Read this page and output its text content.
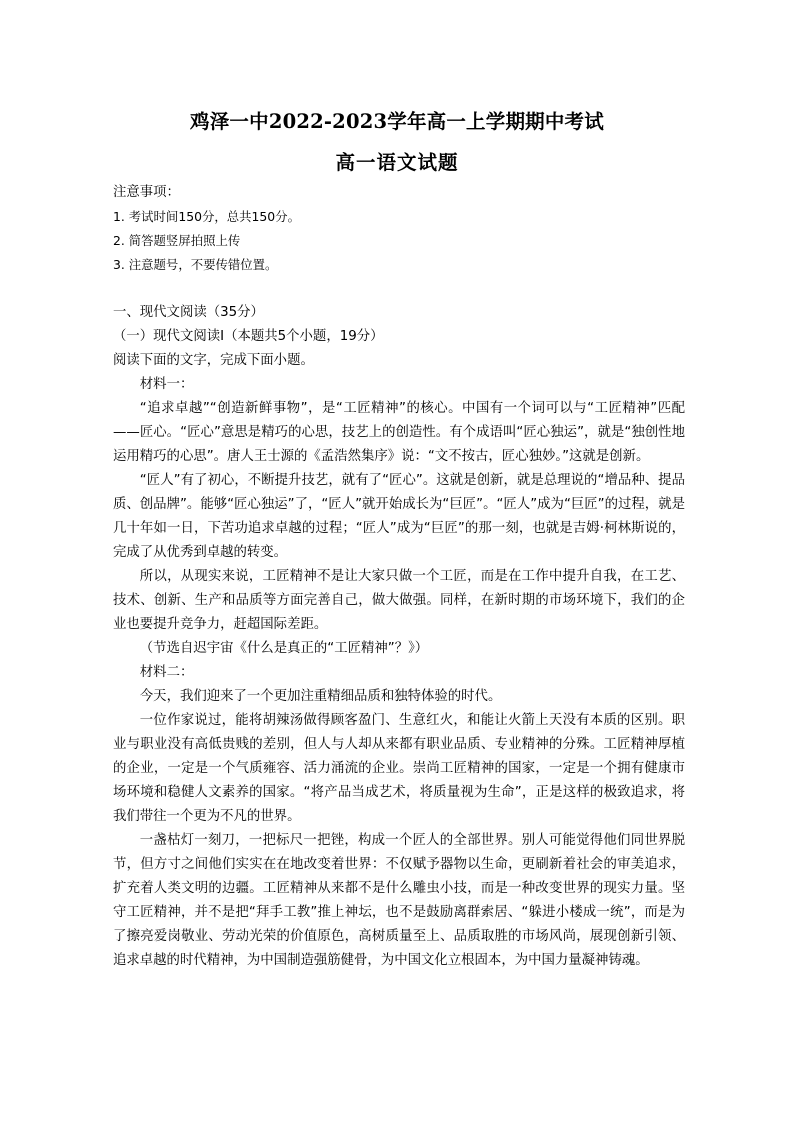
鸡泽一中2022-2023学年高一上学期期中考试
高一语文试题
注意事项：
1. 考试时间150分，总共150分。
2. 简答题竖屏拍照上传
3. 注意题号，不要传错位置。
一、现代文阅读（35分）
（一）现代文阅读Ⅰ（本题共5个小题，19分）
阅读下面的文字，完成下面小题。
材料一：
“追求卓越”“创造新鲜事物”，是“工匠精神”的核心。中国有一个词可以与“工匠精神”匹配——匠心。“匠心”意思是精巧的心思，技艺上的创造性。有个成语叫“匠心独运”，就是“独创性地运用精巧的心思”。唐人王士源的《孟浩然集序》说：“文不按古，匠心独妙。”这就是创新。
“匠人”有了初心，不断提升技艺，就有了“匠心”。这就是创新，就是总理说的“增品种、提品质、创品牌”。能够“匠心独运”了，“匠人”就开始成长为“巨匠”。“匠人”成为“巨匠”的过程，就是几十年如一日，下苦功追求卓越的过程；“匠人”成为“巨匠”的那一刻，也就是吉姆·柯林斯说的，完成了从优秀到卓越的转变。
所以，从现实来说，工匠精神不是让大家只做一个工匠，而是在工作中提升自我，在工艺、技术、创新、生产和品质等方面完善自己，做大做强。同样，在新时期的市场环境下，我们的企业也要提升竞争力，赶超国际差距。
（节选自迟宇宙《什么是真正的“工匠精神”？》）
材料二：
今天，我们迎来了一个更加注重精细品质和独特体验的时代。
一位作家说过，能将胡辣汤做得顾客盈门、生意红火，和能让火箭上天没有本质的区别。职业与职业没有高低贵贱的差别，但人与人却从来都有职业品质、专业精神的分殊。工匠精神厚植的企业，一定是一个气质雍容、活力涌流的企业。崇尚工匠精神的国家，一定是一个拥有健康市场环境和稳健人文素养的国家。“将产品当成艺术，将质量视为生命”，正是这样的极致追求，将我们带往一个更为不凡的世界。
一盏枯灯一刻刀，一把标尺一把锉，构成一个匠人的全部世界。别人可能觉得他们同世界脱节，但方寸之间他们实实在在地改变着世界：不仅赋予器物以生命，更刷新着社会的审美追求，扩充着人类文明的边疆。工匠精神从来都不是什么雕虫小技，而是一种改变世界的现实力量。坚守工匠精神，并不是把“拜手工教”推上神坛，也不是鼓励离群索居、“躲进小楼成一统”，而是为了擦亮爱岗敬业、劳动光荣的价值原色，高树质量至上、品质取胜的市场风尚，展现创新引领、追求卓越的时代精神，为中国制造强筋健骨，为中国文化立根固本，为中国力量凝神铸魂。
